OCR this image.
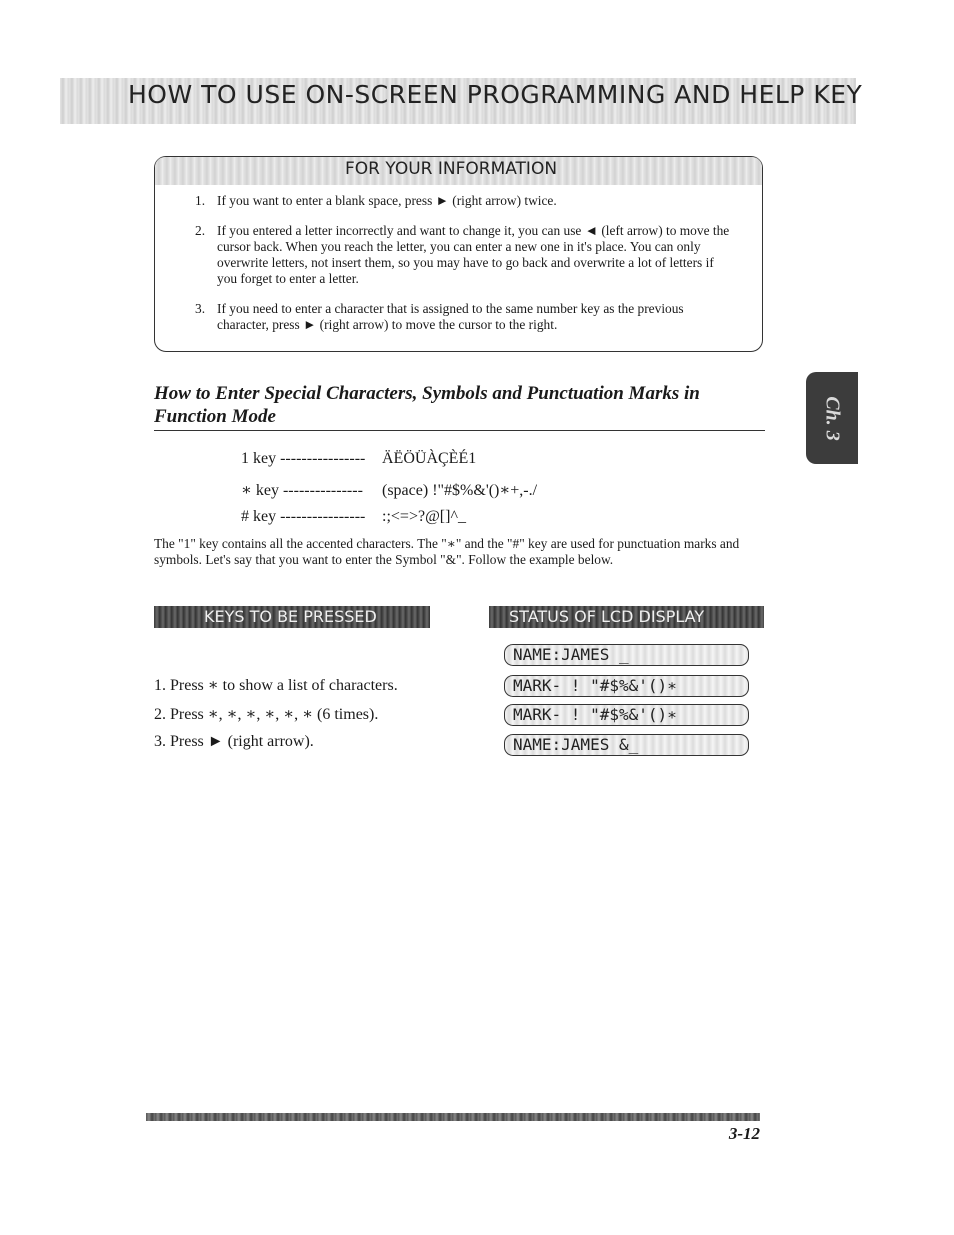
HOW TO USE ON-SCREEN PROGRAMMING AND HELP KEY
Ch. 3
FOR YOUR INFORMATION
1. If you want to enter a blank space, press ► (right arrow) twice.
2. If you entered a letter incorrectly and want to change it, you can use ◄ (left arrow) to move the cursor back. When you reach the letter, you can enter a new one in it's place. You can only overwrite letters, not insert them, so you may have to go back and overwrite a lot of letters if you forget to enter a letter.
3. If you need to enter a character that is assigned to the same number key as the previous character, press ► (right arrow) to move the cursor to the right.
How to Enter Special Characters, Symbols and Punctuation Marks in Function Mode
1 key ---------------- ÄËÖÜÀÇÈÉ1
∗ key --------------- (space) !"#$%&'()∗+,-./
# key ---------------- :;<=>?@[]^_

The "1" key contains all the accented characters. The "∗" and the "#" key are used for punctuation marks and symbols. Let's say that you want to enter the Symbol "&". Follow the example below.

KEYS TO BE PRESSED	STATUS OF LCD DISPLAY
NAME:JAMES _
1. Press ∗ to show a list of characters.	MARK- ! "#$%&'()∗
2. Press ∗, ∗, ∗, ∗, ∗, ∗ (6 times).	MARK- ! "#$%&'()∗
3. Press ► (right arrow).	NAME:JAMES &_
3-12
